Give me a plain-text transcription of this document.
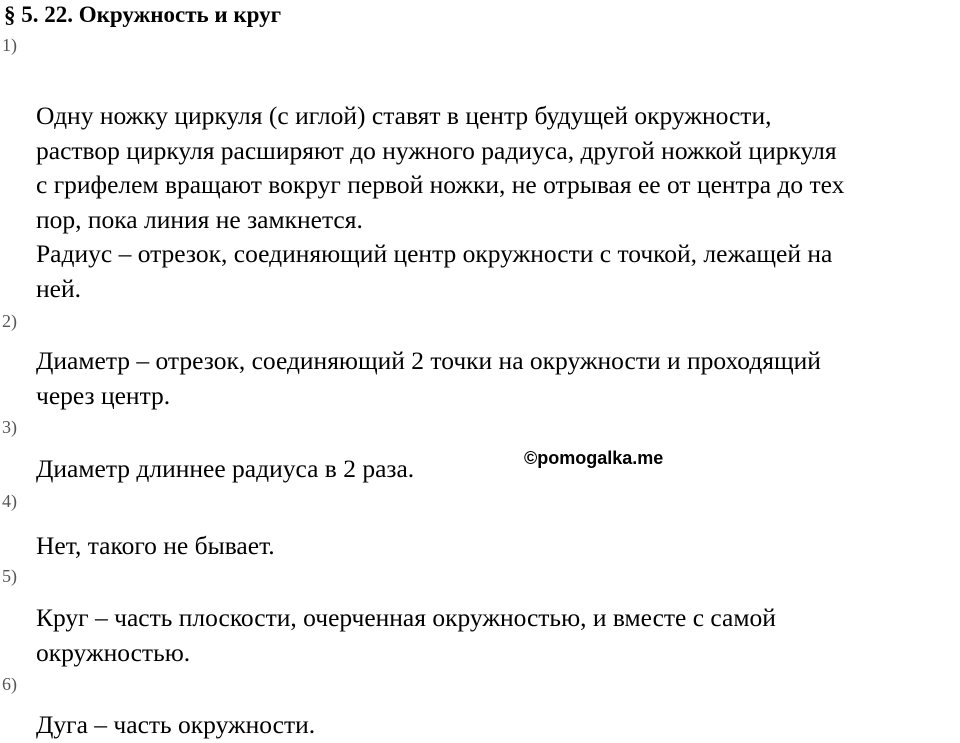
§ 5. 22. Окружность и круг
1)
Одну ножку циркуля (с иглой) ставят в центр будущей окружности,
раствор циркуля расширяют до нужного радиуса, другой ножкой циркуля
с грифелем вращают вокруг первой ножки, не отрывая ее от центра до тех
пор, пока линия не замкнется.
Радиус – отрезок, соединяющий центр окружности с точкой, лежащей на
ней.
2)
Диаметр – отрезок, соединяющий 2 точки на окружности и проходящий
через центр.
3)
Диаметр длиннее радиуса в 2 раза.	©pomogalka.me
4)
Нет, такого не бывает.
5)
Круг – часть плоскости, очерченная окружностью, и вместе с самой
окружностью.
6)
Дуга – часть окружности.
